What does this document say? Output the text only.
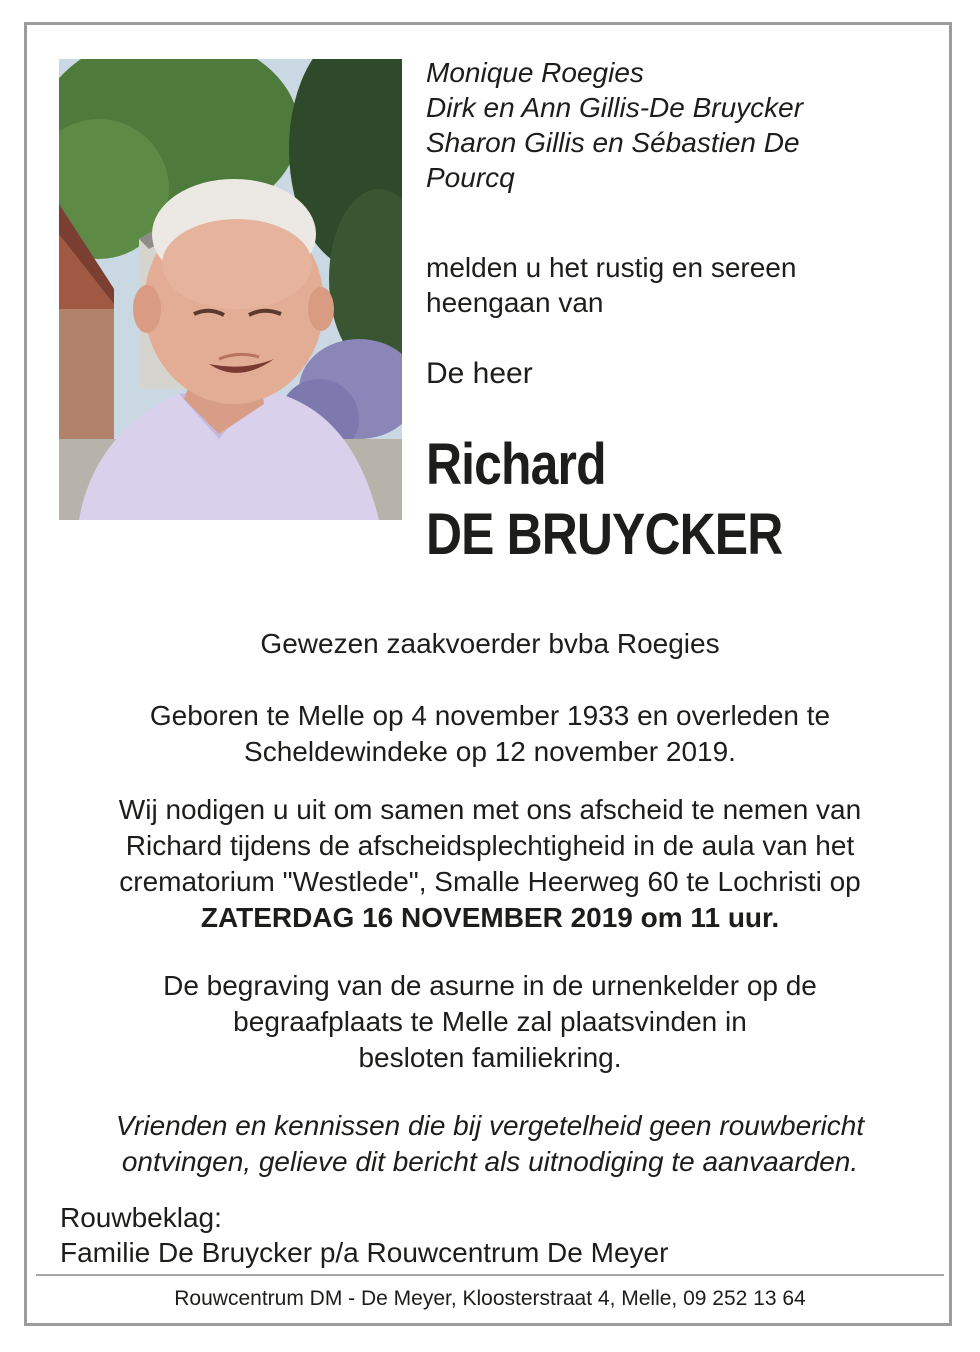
Monique Roegies
Dirk en Ann Gillis-De Bruycker
Sharon Gillis en Sébastien De
Pourcq
melden u het rustig en sereen
heengaan van
De heer
Richard
DE BRUYCKER
Gewezen zaakvoerder bvba Roegies
Geboren te Melle op 4 november 1933 en overleden te
Scheldewindeke op 12 november 2019.
Wij nodigen u uit om samen met ons afscheid te nemen van
Richard tijdens de afscheidsplechtigheid in de aula van het
crematorium "Westlede", Smalle Heerweg 60 te Lochristi op
ZATERDAG 16 NOVEMBER 2019 om 11 uur.
De begraving van de asurne in de urnenkelder op de
begraafplaats te Melle zal plaatsvinden in
besloten familiekring.
Vrienden en kennissen die bij vergetelheid geen rouwbericht
ontvingen, gelieve dit bericht als uitnodiging te aanvaarden.
Rouwbeklag:
Familie De Bruycker p/a Rouwcentrum De Meyer
Rouwcentrum DM - De Meyer, Kloosterstraat 4, Melle, 09 252 13 64
